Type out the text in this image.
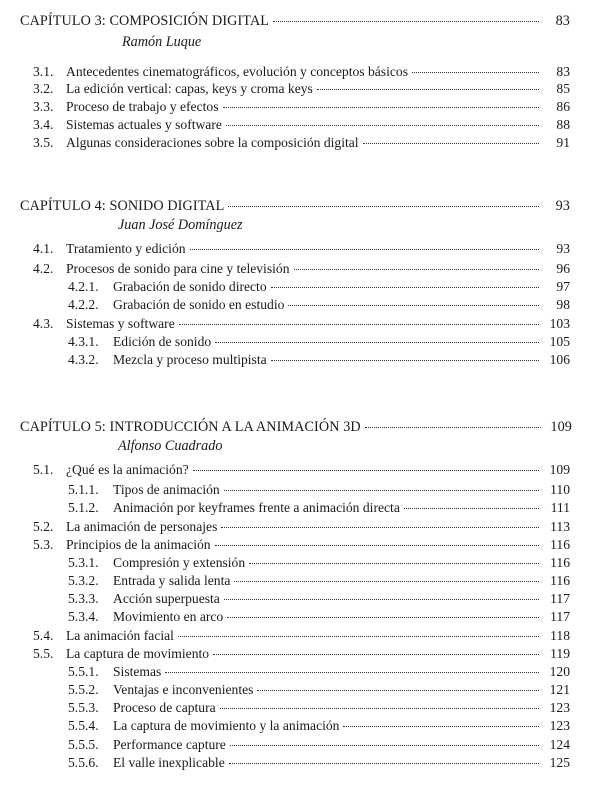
CAPÍTULO 3: COMPOSICIÓN DIGITAL	83
Ramón Luque
3.1. Antecedentes cinematográficos, evolución y conceptos básicos	83
3.2. La edición vertical: capas, keys y croma keys	85
3.3. Proceso de trabajo y efectos	86
3.4. Sistemas actuales y software	88
3.5. Algunas consideraciones sobre la composición digital	91
CAPÍTULO 4: SONIDO DIGITAL	93
Juan José Domínguez
4.1. Tratamiento y edición	93
4.2. Procesos de sonido para cine y televisión	96
4.2.1.	Grabación de sonido directo	97
4.2.2.	Grabación de sonido en estudio	98
4.3. Sistemas y software	103
4.3.1.	Edición de sonido	105
4.3.2.	Mezcla y proceso multipista	106
CAPÍTULO 5: INTRODUCCIÓN A LA ANIMACIÓN 3D	109
Alfonso Cuadrado
5.1. ¿Qué es la animación?	109
5.1.1.	Tipos de animación	110
5.1.2.	Animación por keyframes frente a animación directa	111
5.2. La animación de personajes	113
5.3. Principios de la animación	116
5.3.1.	Compresión y extensión	116
5.3.2.	Entrada y salida lenta	116
5.3.3.	Acción superpuesta	117
5.3.4.	Movimiento en arco	117
5.4. La animación facial	118
5.5. La captura de movimiento	119
5.5.1.	Sistemas	120
5.5.2.	Ventajas e inconvenientes	121
5.5.3.	Proceso de captura	123
5.5.4.	La captura de movimiento y la animación	123
5.5.5.	Performance capture	124
5.5.6.	El valle inexplicable	125
